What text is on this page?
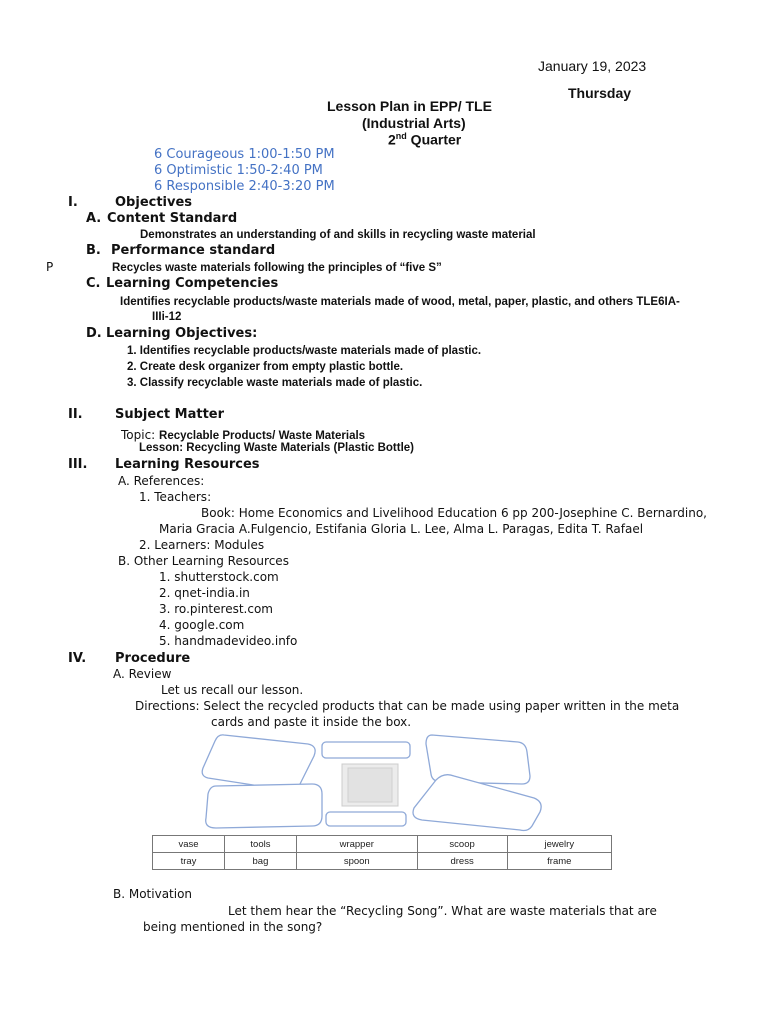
January 19, 2023
Thursday
Lesson Plan in EPP/ TLE
(Industrial Arts)
2nd Quarter
6 Courageous 1:00-1:50 PM
6 Optimistic 1:50-2:40 PM
6 Responsible 2:40-3:20 PM
I.	Objectives
A. Content Standard
Demonstrates an understanding of and skills in recycling waste material
B. Performance standard
P	Recycles waste materials following the principles of “five S”
C. Learning Competencies
Identifies recyclable products/waste materials made of wood, metal, paper, plastic, and others TLE6IA-
IIIi-12
D. Learning Objectives:
1. Identifies recyclable products/waste materials made of plastic.
2. Create desk organizer from empty plastic bottle.
3. Classify recyclable waste materials made of plastic.
II. Subject Matter
Topic: Recyclable Products/ Waste Materials
Lesson: Recycling Waste Materials (Plastic Bottle)
III. Learning Resources
A. References:
1. Teachers:
Book: Home Economics and Livelihood Education 6 pp 200-Josephine C. Bernardino,
Maria Gracia A.Fulgencio, Estifania Gloria L. Lee, Alma L. Paragas, Edita T. Rafael
2. Learners: Modules
B. Other Learning Resources
1. shutterstock.com
2. qnet-india.in
3. ro.pinterest.com
4. google.com
5. handmadevideo.info
IV. Procedure
A. Review
Let us recall our lesson.
Directions: Select the recycled products that can be made using paper written in the meta
cards and paste it inside the box.
vase	tools	wrapper	scoop	jewelry
tray	bag	spoon	dress	frame
B. Motivation
Let them hear the “Recycling Song”. What are waste materials that are
being mentioned in the song?
